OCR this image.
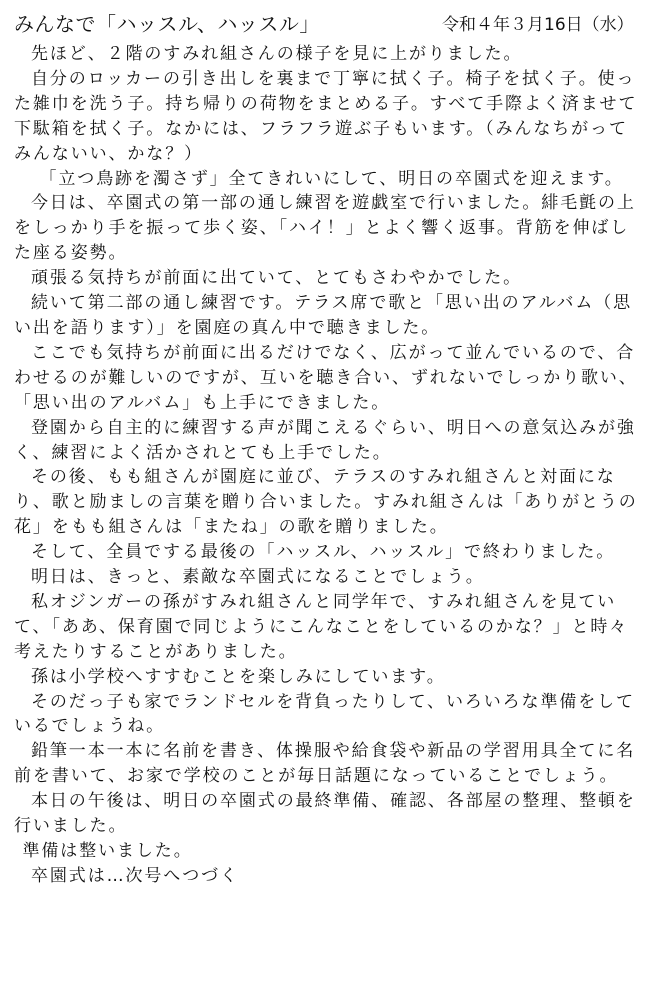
みんなで「ハッスル、ハッスル」	令和４年３月16日（水）

先ほど、２階のすみれ組さんの様子を見に上がりました。

自分のロッカーの引き出しを裏まで丁寧に拭く子。椅子を拭く子。使った雑巾を洗う子。持ち帰りの荷物をまとめる子。すべて手際よく済ませて下駄箱を拭く子。なかには、フラフラ遊ぶ子もいます。（みんなちがってみんないい、かな？）

「立つ鳥跡を濁さず」全てきれいにして、明日の卒園式を迎えます。

今日は、卒園式の第一部の通し練習を遊戯室で行いました。緋毛氈の上をしっかり手を振って歩く姿、「ハイ！」とよく響く返事。背筋を伸ばした座る姿勢。

頑張る気持ちが前面に出ていて、とてもさわやかでした。

続いて第二部の通し練習です。テラス席で歌と「思い出のアルバム（思い出を語ります）」を園庭の真ん中で聴きました。

ここでも気持ちが前面に出るだけでなく、広がって並んでいるので、合わせるのが難しいのですが、互いを聴き合い、ずれないでしっかり歌い、「思い出のアルバム」も上手にできました。

登園から自主的に練習する声が聞こえるぐらい、明日への意気込みが強く、練習によく活かされとても上手でした。

その後、もも組さんが園庭に並び、テラスのすみれ組さんと対面になり、歌と励ましの言葉を贈り合いました。すみれ組さんは「ありがとうの花」をもも組さんは「またね」の歌を贈りました。

そして、全員でする最後の「ハッスル、ハッスル」で終わりました。

明日は、きっと、素敵な卒園式になることでしょう。

私オジンガーの孫がすみれ組さんと同学年で、すみれ組さんを見ていて、「ああ、保育園で同じようにこんなことをしているのかな？」と時々考えたりすることがありました。

孫は小学校へすすむことを楽しみにしています。

そのだっ子も家でランドセルを背負ったりして、いろいろな準備をしているでしょうね。

鉛筆一本一本に名前を書き、体操服や給食袋や新品の学習用具全てに名前を書いて、お家で学校のことが毎日話題になっていることでしょう。

本日の午後は、明日の卒園式の最終準備、確認、各部屋の整理、整頓を行いました。

準備は整いました。

卒園式は…次号へつづく
